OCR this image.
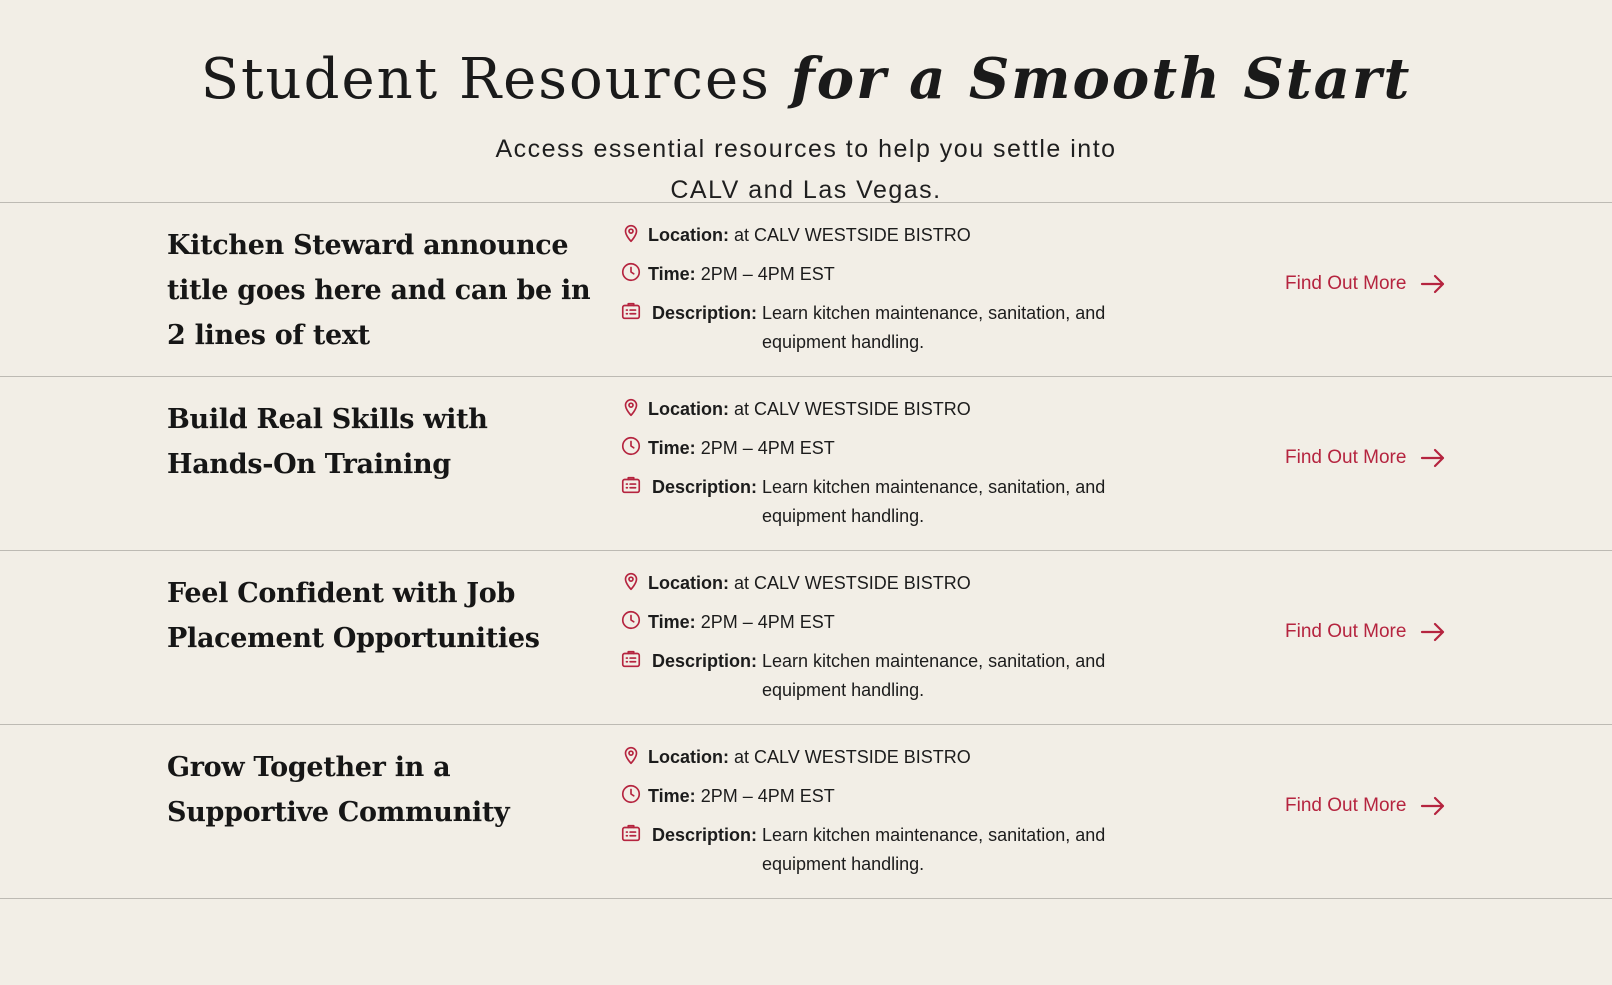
Student Resources for a Smooth Start

Access essential resources to help you settle into CALV and Las Vegas.

Kitchen Steward announce title goes here and can be in 2 lines of text
Location: at CALV WESTSIDE BISTRO
Time: 2PM – 4PM EST
Description: Learn kitchen maintenance, sanitation, and equipment handling.
Find Out More
Build Real Skills with Hands-On Training
Location: at CALV WESTSIDE BISTRO
Time: 2PM – 4PM EST
Description: Learn kitchen maintenance, sanitation, and equipment handling.
Find Out More
Feel Confident with Job Placement Opportunities
Location: at CALV WESTSIDE BISTRO
Time: 2PM – 4PM EST
Description: Learn kitchen maintenance, sanitation, and equipment handling.
Find Out More
Grow Together in a Supportive Community
Location: at CALV WESTSIDE BISTRO
Time: 2PM – 4PM EST
Description: Learn kitchen maintenance, sanitation, and equipment handling.
Find Out More
